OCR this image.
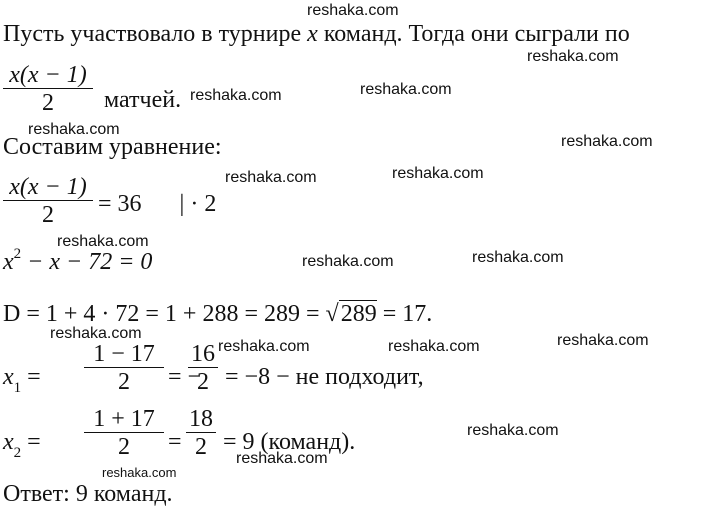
Пусть участвовало в турнире x команд. Тогда они сыграли по
x(x − 1)
2	матчей.
Составим уравнение:
x(x − 1)
2	= 36 | · 2
$x^2 - x - 72 = 0$
D = 1 + 4 · 72 = 1 + 288 = 289 = √289 = 17.
$x_1$ =
1 − 17
2	= −
16
2 = −8 − не подходит,
$x_2$ =
1 + 17
2	=
18
2 = 9 (команд).
Ответ: 9 команд.
reshaka.com
reshaka.com
reshaka.com	reshaka.com
reshaka.com
reshaka.com
reshaka.com	reshaka.com
reshaka.com
reshaka.com	reshaka.com
reshaka.com
reshaka.com	reshaka.com	reshaka.com
reshaka.com
reshaka.com
reshaka.com
